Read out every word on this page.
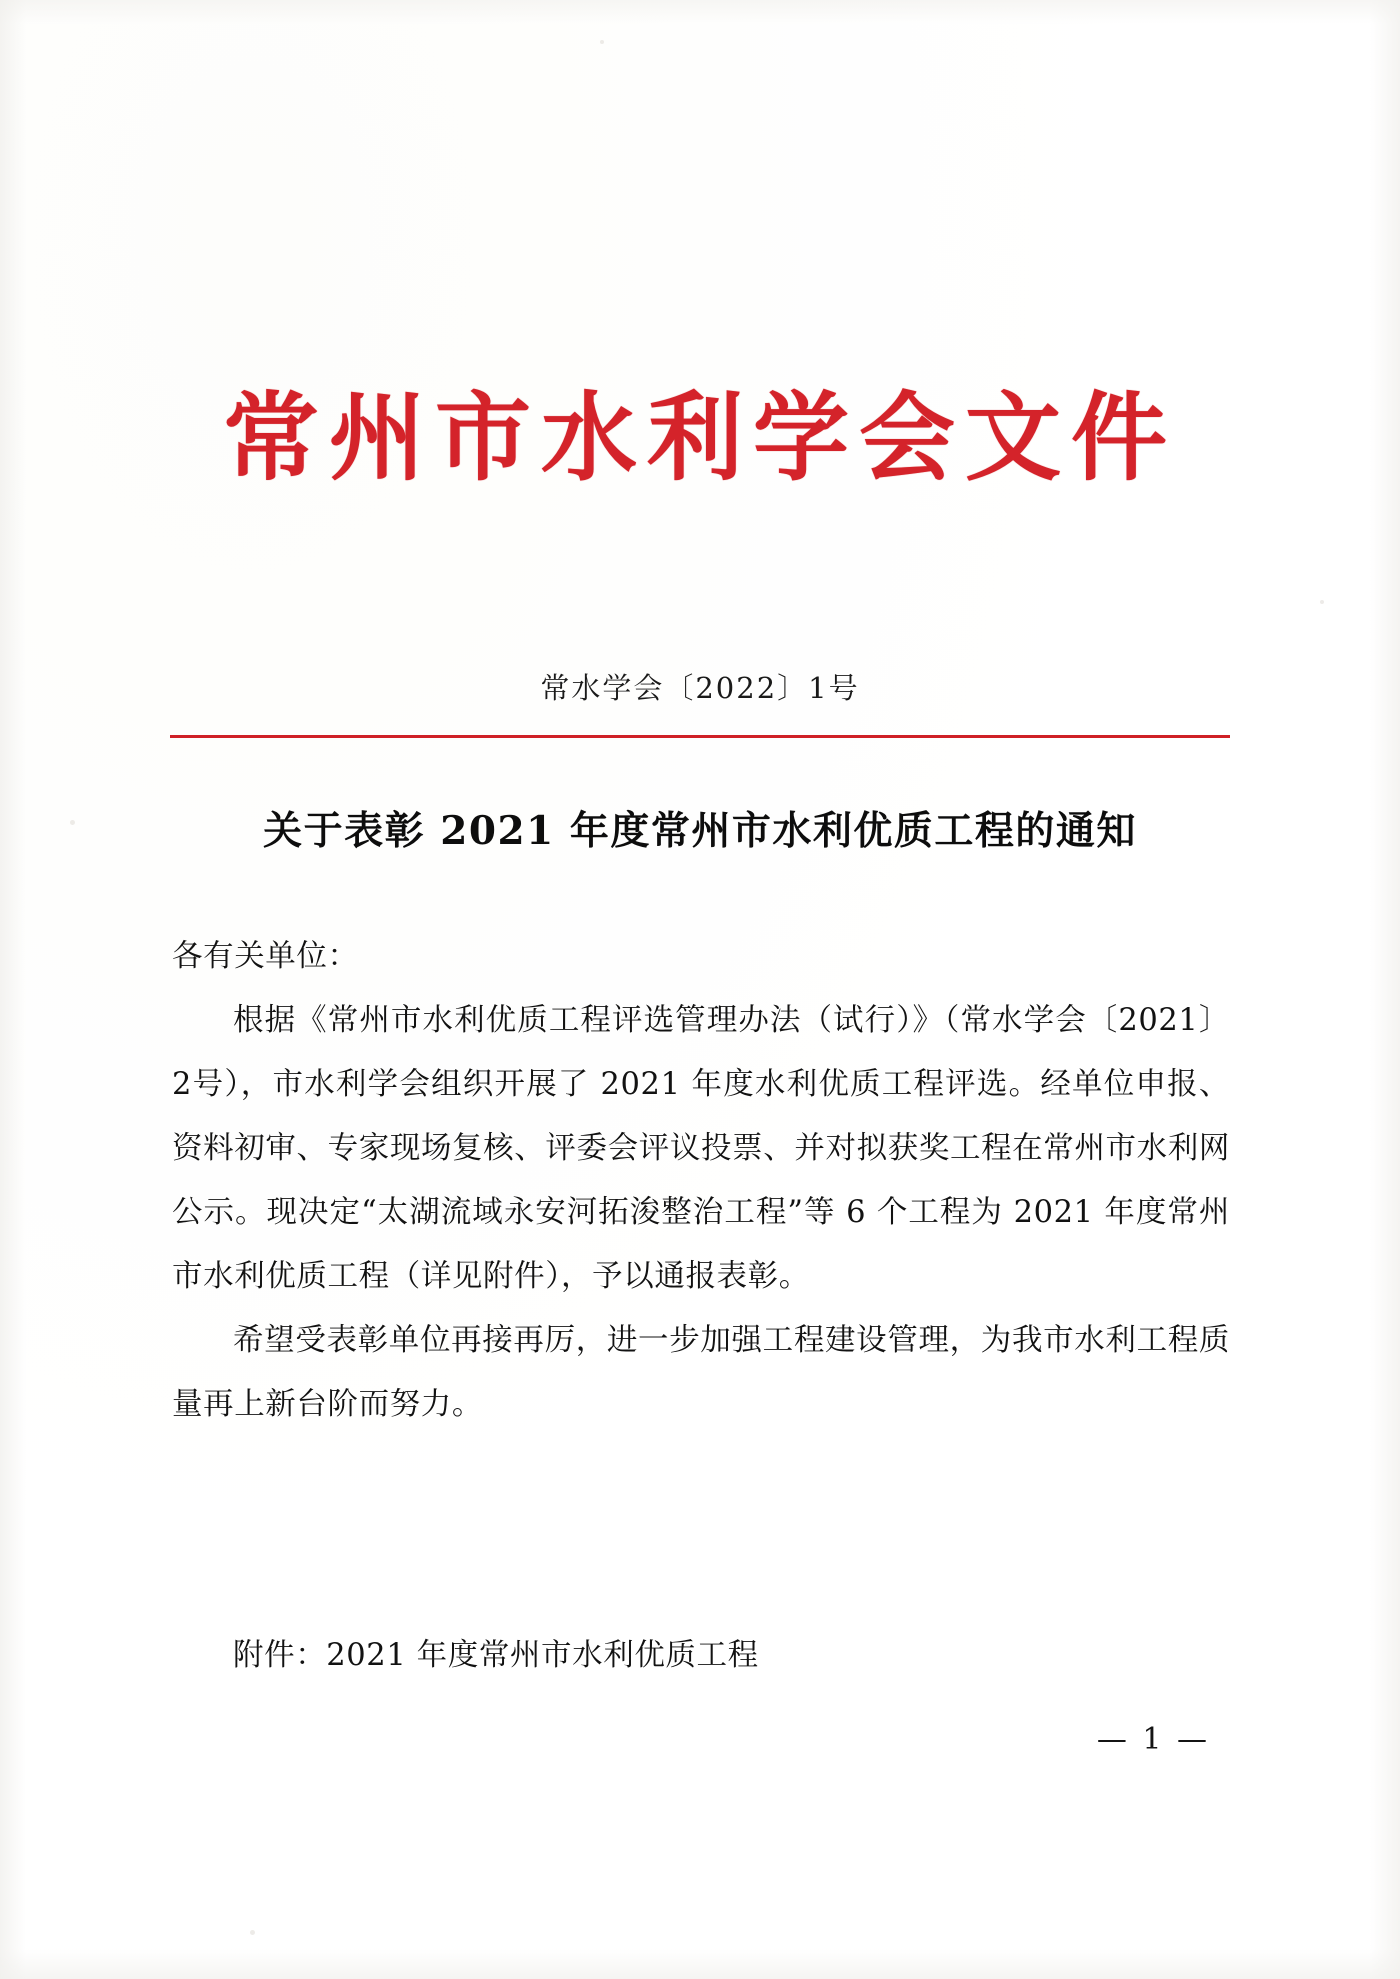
常州市水利学会文件
常水学会〔2022〕1号
关于表彰 2021 年度常州市水利优质工程的通知

各有关单位：

根据《常州市水利优质工程评选管理办法（试行）》（常水学会〔2021〕2号），市水利学会组织开展了 2021 年度水利优质工程评选。经单位申报、资料初审、专家现场复核、评委会评议投票、并对拟获奖工程在常州市水利网公示。现决定“太湖流域永安河拓浚整治工程”等 6 个工程为 2021 年度常州市水利优质工程（详见附件），予以通报表彰。

希望受表彰单位再接再厉，进一步加强工程建设管理，为我市水利工程质量再上新台阶而努力。

附件：2021 年度常州市水利优质工程
— 1 —
